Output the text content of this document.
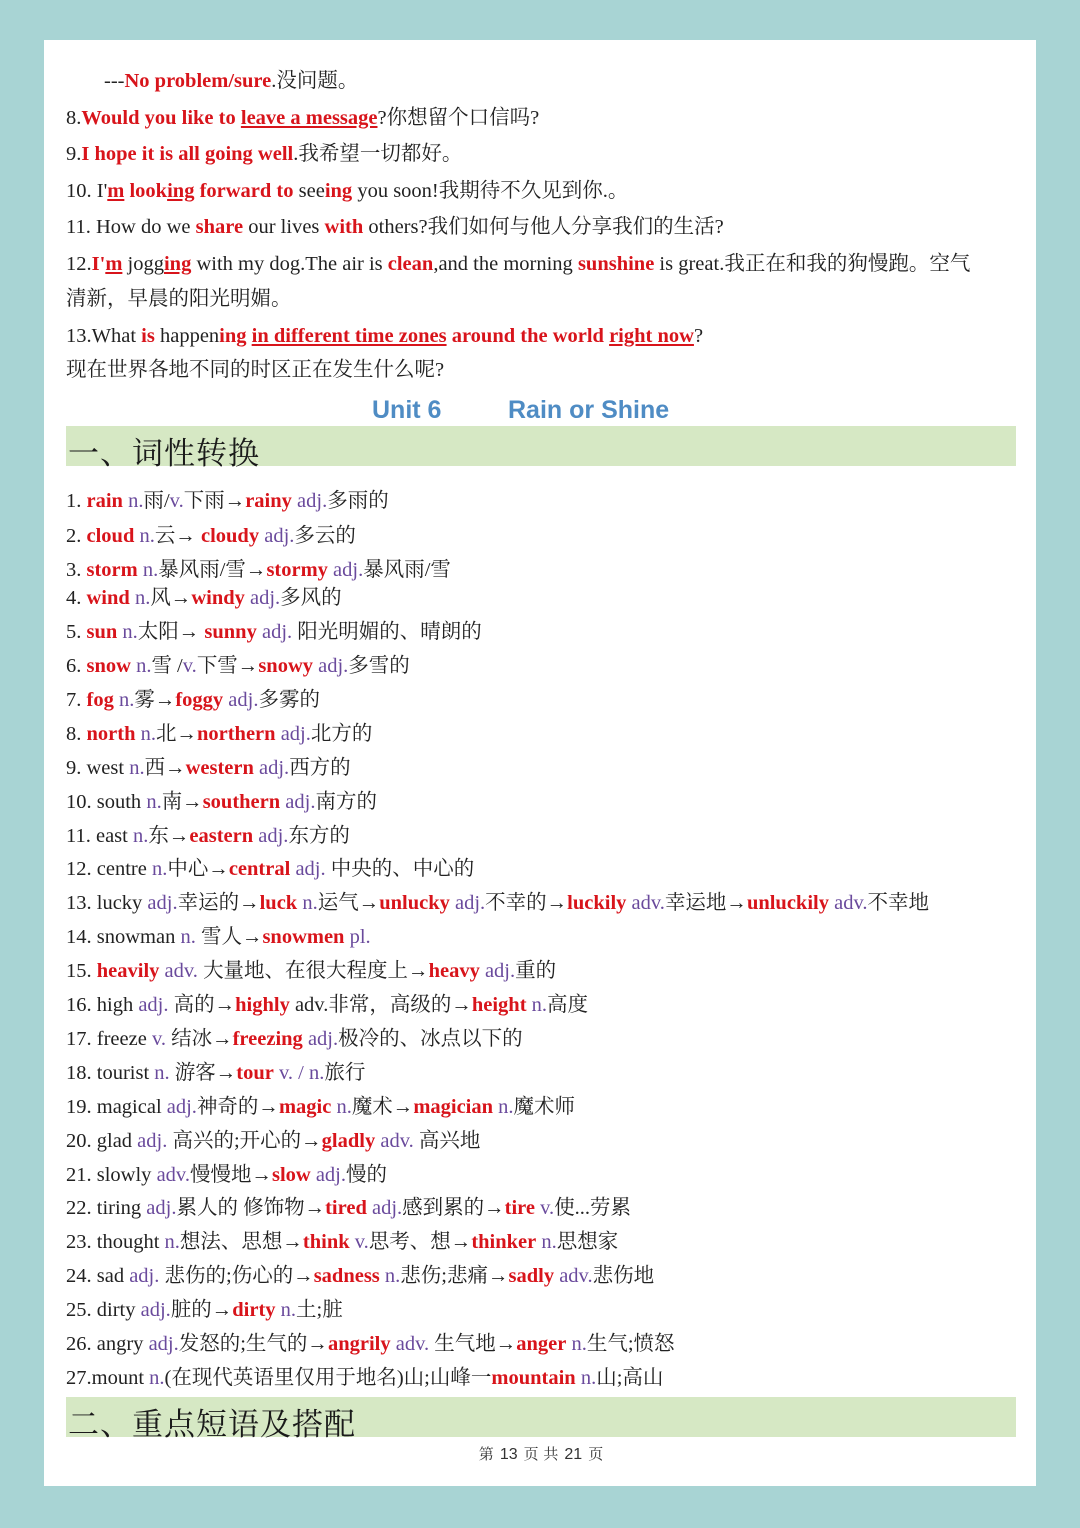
---No problem/sure.没问题。
8.Would you like to leave a message?你想留个口信吗?
9.I hope it is all going well.我希望一切都好。
10. I'm looking forward to seeing you soon!我期待不久见到你.。
11. How do we share our lives with others?我们如何与他人分享我们的生活?
12.I'm jogging with my dog.The air is clean,and the morning sunshine is great.我正在和我的狗慢跑。空气
清新，早晨的阳光明媚。
13.What is happening in different time zones around the world right now?
现在世界各地不同的时区正在发生什么呢?
Unit 6	Rain or Shine
一、词性转换
1. rain n.雨/v.下雨→rainy adj.多雨的
2. cloud n.云→ cloudy adj.多云的
3. storm n.暴风雨/雪→stormy adj.暴风雨/雪
4. wind n.风→windy adj.多风的
5. sun n.太阳→ sunny adj. 阳光明媚的、晴朗的
6. snow n.雪 /v.下雪→snowy adj.多雪的
7. fog n.雾→foggy adj.多雾的
8. north n.北→northern adj.北方的
9. west n.西→western adj.西方的
10. south n.南→southern adj.南方的
11. east n.东→eastern adj.东方的
12. centre n.中心→central adj. 中央的、中心的
13. lucky adj.幸运的→luck n.运气→unlucky adj.不幸的→luckily adv.幸运地→unluckily adv.不幸地
14. snowman n. 雪人→snowmen pl.
15. heavily adv. 大量地、在很大程度上→heavy adj.重的
16. high adj. 高的→highly adv.非常，高级的→height n.高度
17. freeze v. 结冰→freezing adj.极冷的、冰点以下的
18. tourist n. 游客→tour v. / n.旅行
19. magical adj.神奇的→magic n.魔术→magician n.魔术师
20. glad adj. 高兴的;开心的→gladly adv. 高兴地
21. slowly adv.慢慢地→slow adj.慢的
22. tiring adj.累人的 修饰物→tired adj.感到累的→tire v.使...劳累
23. thought n.想法、思想→think v.思考、想→thinker n.思想家
24. sad adj. 悲伤的;伤心的→sadness n.悲伤;悲痛→sadly adv.悲伤地
25. dirty adj.脏的→dirty n.土;脏
26. angry adj.发怒的;生气的→angrily adv. 生气地→anger n.生气;愤怒
27.mount n.(在现代英语里仅用于地名)山;山峰一mountain n.山;高山
二、重点短语及搭配
第 13 页 共 21 页
